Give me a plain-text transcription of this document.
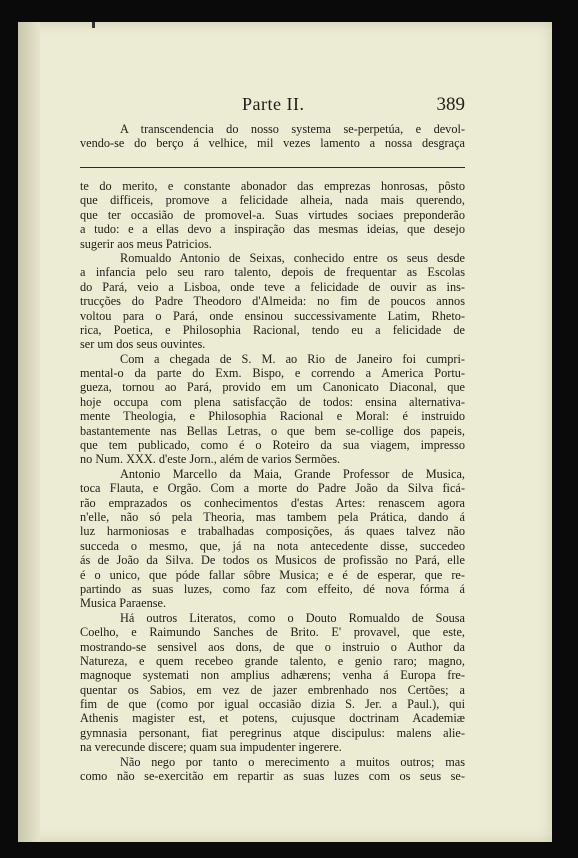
Parte II.	389
A transcendencia do nosso systema se-perpetúa, e devol-
vendo-se do berço á velhice, mil vezes lamento a nossa desgraça
te do merito, e constante abonador das emprezas honrosas, pôsto
que difficeis, promove a felicidade alheia, nada mais querendo,
que ter occasião de promovel-a. Suas virtudes sociaes preponderão
a tudo: e a ellas devo a inspiração das mesmas ideias, que desejo
sugerir aos meus Patricios.
Romualdo Antonio de Seixas, conhecido entre os seus desde
a infancia pelo seu raro talento, depois de frequentar as Escolas
do Pará, veio a Lisboa, onde teve a felicidade de ouvir as ins-
trucções do Padre Theodoro d'Almeida: no fim de poucos annos
voltou para o Pará, onde ensinou successivamente Latim, Rheto-
rica, Poetica, e Philosophia Racional, tendo eu a felicidade de
ser um dos seus ouvintes.
Com a chegada de S. M. ao Rio de Janeiro foi cumpri-
mental-o da parte do Exm. Bispo, e correndo a America Portu-
gueza, tornou ao Pará, provido em um Canonicato Diaconal, que
hoje occupa com plena satisfacção de todos: ensina alternativa-
mente Theologia, e Philosophia Racional e Moral: é instruido
bastantemente nas Bellas Letras, o que bem se-collige dos papeis,
que tem publicado, como é o Roteiro da sua viagem, impresso
no Num. XXX. d'este Jorn., além de varios Sermões.
Antonio Marcello da Maia, Grande Professor de Musica,
toca Flauta, e Orgão. Com a morte do Padre João da Silva ficá-
rão emprazados os conhecimentos d'estas Artes: renascem agora
n'elle, não só pela Theoria, mas tambem pela Prática, dando á
luz harmoniosas e trabalhadas composições, ás quaes talvez não
succeda o mesmo, que, já na nota antecedente disse, succedeo
ás de João da Silva. De todos os Musicos de profissão no Pará, elle
é o unico, que póde fallar sôbre Musica; e é de esperar, que re-
partindo as suas luzes, como faz com effeito, dé nova fórma á
Musica Paraense.
Há outros Literatos, como o Douto Romualdo de Sousa
Coelho, e Raimundo Sanches de Brito. E' provavel, que este,
mostrando-se sensivel aos dons, de que o instruio o Author da
Natureza, e quem recebeo grande talento, e genio raro; magno,
magnoque systemati non amplius adhærens; venha á Europa fre-
quentar os Sabios, em vez de jazer embrenhado nos Certões; a
fim de que (como por igual occasião dizia S. Jer. a Paul.), qui
Athenis magister est, et potens, cujusque doctrinam Academiæ
gymnasia personant, fiat peregrinus atque discipulus: malens alie-
na verecunde discere; quam sua impudenter ingerere.
Não nego por tanto o merecimento a muitos outros; mas
como não se-exercitão em repartir as suas luzes com os seus se-
